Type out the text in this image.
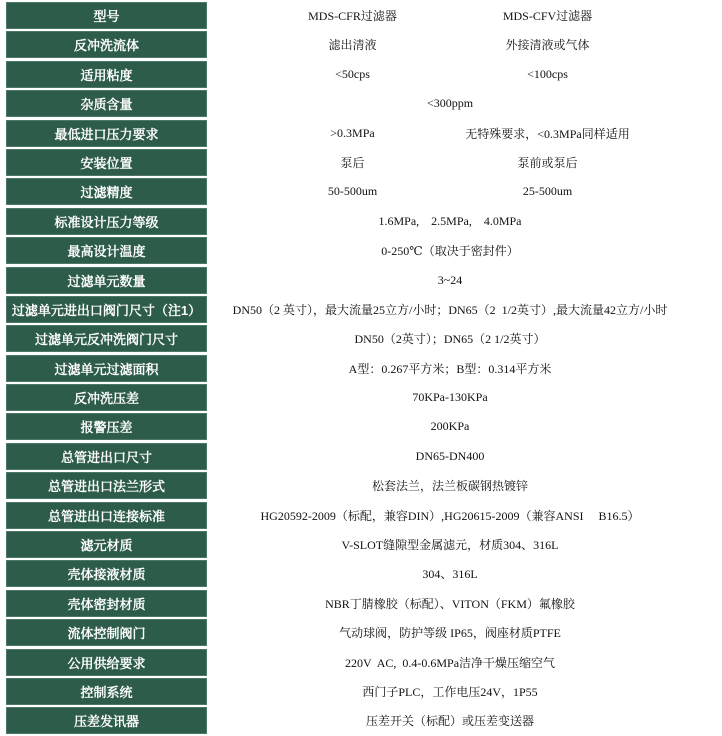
型号	MDS-CFR过滤器	MDS-CFV过滤器
反冲洗流体	滤出清液	外接清液或气体
适用粘度	<50cps	<100cps
杂质含量	<300ppm
最低进口压力要求	>0.3MPa	无特殊要求，<0.3MPa同样适用
安装位置	泵后	泵前或泵后
过滤精度	50-500um	25-500um
标准设计压力等级	1.6MPa,    2.5MPa,    4.0MPa
最高设计温度	0-250℃（取决于密封件）
过滤单元数量	3~24
过滤单元进出口阀门尺寸（注1）	DN50（2 英寸），最大流量25立方/小时；DN65（2  1/2英寸）,最大流量42立方/小时
过滤单元反冲洗阀门尺寸	DN50（2英寸）；DN65（2 1/2英寸）
过滤单元过滤面积	A型：0.267平方米；B型：0.314平方米
反冲洗压差	70KPa-130KPa
报警压差	200KPa
总管进出口尺寸	DN65-DN400
总管进出口法兰形式	松套法兰，法兰板碳钢热镀锌
总管进出口连接标准	HG20592-2009（标配，兼容DIN）,HG20615-2009（兼容ANSI     B16.5）
滤元材质	V-SLOT缝隙型金属滤元，材质304、316L
壳体接液材质	304、316L
壳体密封材质	NBR丁腈橡胶（标配）、VITON（FKM）氟橡胶
流体控制阀门	气动球阀，防护等级 IP65，阀座材质PTFE
公用供给要求	220V  AC,  0.4-0.6MPa洁净干燥压缩空气
控制系统	西门子PLC，工作电压24V，1P55
压差发讯器	压差开关（标配）或压差变送器
